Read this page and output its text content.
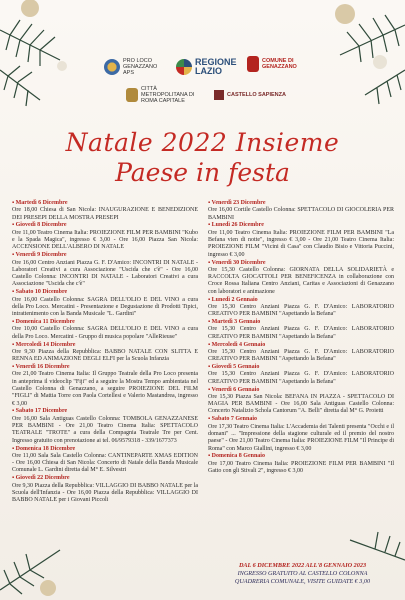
PRO LOCO GENAZZANO APS
REGIONE LAZIO
COMUNE DI GENAZZANO
CITTÀ METROPOLITANA DI ROMA CAPITALE
CASTELLO SAPIENZA
Natale 2022 Insieme
Paese in festa
▪ Martedì 6 Dicembre
Ore 18,00 Chiesa di San Nicola: INAUGURAZIONE E BENEDIZIONE DEI PRESEPI DELLA MOSTRA PRESEPI
▪ Giovedì 8 Dicembre
Ore 11,00 Teatro Cinema Italia: PROIEZIONE FILM PER BAMBINI "Kubo e la Spada Magica", ingresso € 3,00 - Ore 16,00 Piazza San Nicola: ACCENSIONE DELL'ALBERO DI NATALE
▪ Venerdì 9 Dicembre
Ore 16,00 Centro Anziani Piazza G. F. D'Amico: INCONTRI DI NATALE - Laboratori Creativi a cura Associazione "Uscida che c'è" - Ore 16,00 Castello Colonna: INCONTRI DI NATALE - Laboratori Creativi a cura Associazione "Uscida che c'è"
▪ Sabato 10 Dicembre
Ore 16,00 Castello Colonna: SAGRA DELL'OLIO E DEL VINO a cura della Pro Loco. Mercatini - Presentazione e Degustazione di Prodotti Tipici, intrattenimento con la Banda Musicale "L. Gardini"
▪ Domenica 11 Dicembre
Ore 10,00 Castello Colonna: SAGRA DELL'OLIO E DEL VINO a cura della Pro Loco. Mercatini - Gruppo di musica popolare "AlleRieuse"
▪ Mercoledì 14 Dicembre
Ore 9,30 Piazza della Repubblica: BABBO NATALE CON SLITTA E RENNA ED ANIMAZIONE DEGLI ELFI per la Scuola Infanzia
▪ Venerdì 16 Dicembre
Ore 21,00 Teatro Cinema Italia: Il Gruppo Teatrale della Pro Loco presenta in anteprima il videoclip "Fiji" ed a seguire la Mostra Tempo ambientata nel Castello Colonna di Genazzano, a seguire PROIEZIONE DEL FILM "FIGLI" di Mattia Torre con Paola Cortellesi e Valerio Mastandrea, ingresso € 3,00
▪ Sabato 17 Dicembre
Ore 16,00 Sala Antiguas Castello Colonna: TOMBOLA GENAZZANESE PER BAMBINI - Ore 21,00 Teatro Cinema Italia: SPETTACOLO TEATRALE "TROTE" a cura della Compagnia Teatrale Tre per Cent. Ingresso gratuito con prenotazione ai tel. 06/9579318 - 339/1677373
▪ Domenica 18 Dicembre
Ore 11,00 Sala Sala Castello Colonna: CANTINEPARTE XMAS EDITION - Ore 16,00 Chiesa di San Nicola: Concerto di Natale della Banda Musicale Comunale L. Gardini diretta dal M° E. Silvestri
▪ Giovedì 22 Dicembre
Ore 9,30 Piazza della Repubblica: VILLAGGIO DI BABBO NATALE per la Scuola dell'Infanzia - Ore 16,00 Piazza della Repubblica: VILLAGGIO DI BABBO NATALE per i Giovani Piccoli
▪ Venerdì 23 Dicembre
Ore 16,00 Cortile Castello Colonna: SPETTACOLO DI GIOCOLERIA PER BAMBINI
▪ Lunedì 26 Dicembre
Ore 11,00 Teatro Cinema Italia: PROIEZIONE FILM PER BAMBINI "La Befana vien di notte", ingresso € 3,00 - Ore 21,00 Teatro Cinema Italia: PROIEZIONE FILM "Vicini di Casa" con Claudio Bisio e Vittoria Puccini, ingresso € 3,00
▪ Venerdì 30 Dicembre
Ore 15,30 Castello Colonna: GIORNATA DELLA SOLIDARIETÀ e RACCOLTA GIOCATTOLI PER BENEFICENZA in collaborazione con Croce Rossa Italiana Centro Anziani, Caritas e Associazioni di Genazzano con laboratori e animazione
▪ Lunedì 2 Gennaio
Ore 15,30 Centro Anziani Piazza G. F. D'Amico: LABORATORIO CREATIVO PER BAMBINI "Aspettando la Befana"
▪ Martedì 3 Gennaio
Ore 15,30 Centro Anziani Piazza G. F. D'Amico: LABORATORIO CREATIVO PER BAMBINI "Aspettando la Befana"
▪ Mercoledì 4 Gennaio
Ore 15,30 Centro Anziani Piazza G. F. D'Amico: LABORATORIO CREATIVO PER BAMBINI "Aspettando la Befana"
▪ Giovedì 5 Gennaio
Ore 15,30 Centro Anziani Piazza G. F. D'Amico: LABORATORIO CREATIVO PER BAMBINI "Aspettando la Befana"
▪ Venerdì 6 Gennaio
Ore 15,30 Piazza San Nicola: BEFANA IN PIAZZA - SPETTACOLO DI MAGIA PER BAMBINI - Ore 16,00 Sala Antiguas Castello Colonna: Concerto Natalizio Schola Cantorum "A. Belli" diretta dal M° G. Proietti
▪ Sabato 7 Gennaio
Ore 17,30 Teatro Cinema Italia: L'Accademia dei Talenti presenta "Occhi e il domani" ... "Impressione della stagione culturale ed il premio del nostro paese" - Ore 21,00 Teatro Cinema Italia: PROIEZIONE FILM "Il Principe di Roma" con Marco Giallini, ingresso € 3,00
▪ Domenica 8 Gennaio
Ore 17,00 Teatro Cinema Italia: PROIEZIONE FILM PER BAMBINI "Il Gatto con gli Stivali 2", ingresso € 3,00
DAL 6 DICEMBRE 2022 ALL'8 GENNAIO 2023
INGRESSO GRATUITO AL CASTELLO COLONNA
QUADRERIA COMUNALE, VISITE GUIDATE € 3,00
